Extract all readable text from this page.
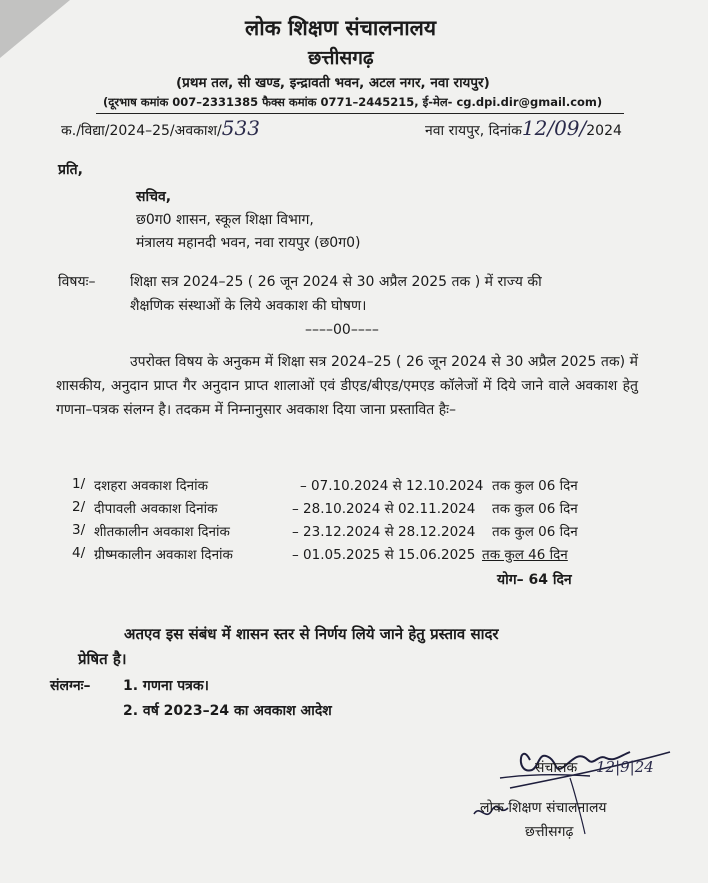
लोक शिक्षण संचालनालय
छत्तीसगढ़
(प्रथम तल, सी खण्ड, इन्द्रावती भवन, अटल नगर, नवा रायपुर)
(दूरभाष कमांक 007–2331385 फैक्स कमांक 0771–2445215, ई-मेल- cg.dpi.dir@gmail.com)
क./विद्या/2024–25/अवकाश/533	नवा रायपुर, दिनांक12/09/2024
प्रति,
सचिव,
छ0ग0 शासन, स्कूल शिक्षा विभाग,
मंत्रालय महानदी भवन, नवा रायपुर (छ0ग0)
विषयः– शिक्षा सत्र 2024–25 ( 26 जून 2024 से 30 अप्रैल 2025 तक ) में राज्य की
शैक्षणिक संस्थाओं के लिये अवकाश की घोषण।
––––00––––
उपरोक्त विषय के अनुकम में शिक्षा सत्र 2024–25 ( 26 जून 2024 से 30 अप्रैल 2025 तक) में शासकीय, अनुदान प्राप्त गैर अनुदान प्राप्त शालाओं एवं डीएड/बीएड/एमएड कॉलेजों में दिये जाने वाले अवकाश हेतु गणना–पत्रक संलग्न है। तदकम में निम्नानुसार अवकाश दिया जाना प्रस्तावित हैः–
1/ दशहरा अवकाश दिनांक	– 07.10.2024 से 12.10.2024 तक कुल 06 दिन
2/ दीपावली अवकाश दिनांक	– 28.10.2024 से 02.11.2024 तक कुल 06 दिन
3/ शीतकालीन अवकाश दिनांक	– 23.12.2024 से 28.12.2024 तक कुल 06 दिन
4/ ग्रीष्मकालीन अवकाश दिनांक	– 01.05.2025 से 15.06.2025 तक कुल 46 दिन
योग– 64 दिन
अतएव इस संबंध में शासन स्तर से निर्णय लिये जाने हेतु प्रस्ताव सादर
प्रेषित है।
संलग्नः– 1. गणना पत्रक।
2. वर्ष 2023–24 का अवकाश आदेश
संचालक 12|9|24
लोक शिक्षण संचालनालय
छत्तीसगढ़
